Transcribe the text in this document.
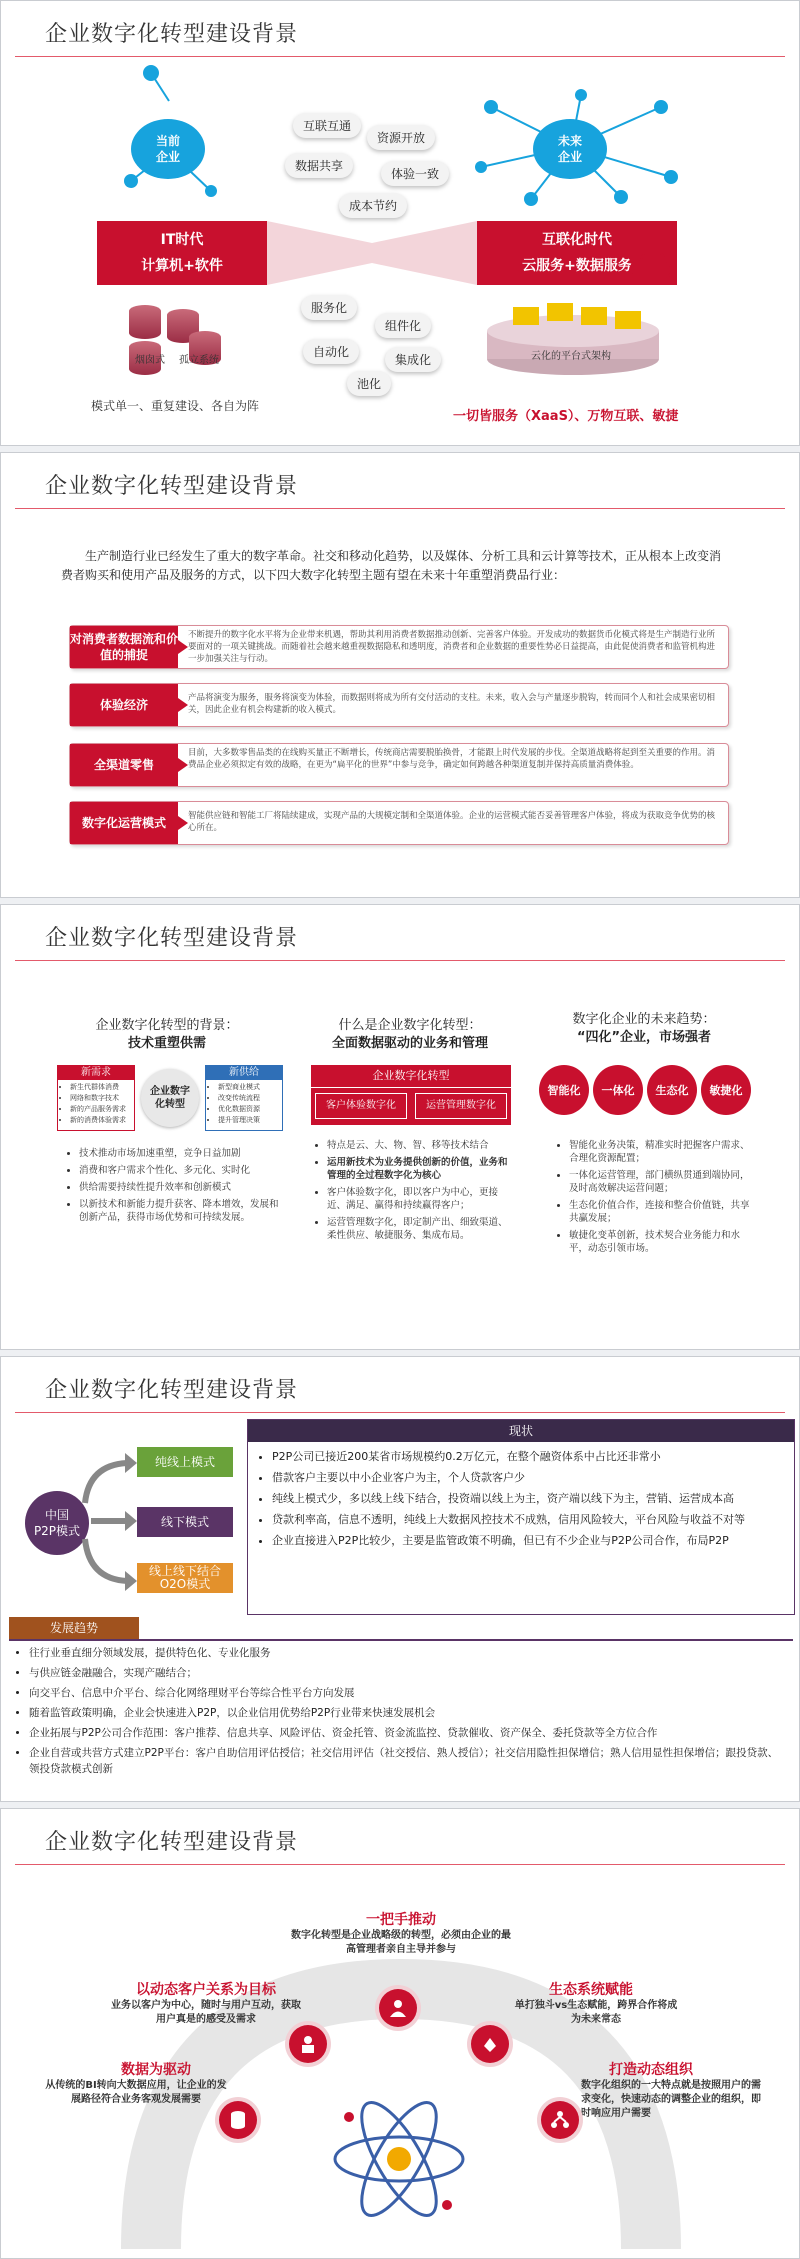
企业数字化转型建设背景
当前
企业
未来
企业
互联互通
资源开放
数据共享
体验一致
成本节约
IT时代
计算机+软件
互联化时代
云服务+数据服务
烟囱式 孤立系统
服务化
组件化
自动化
集成化
池化
云化的平台式架构
模式单一、重复建设、各自为阵
一切皆服务（XaaS）、万物互联、敏捷
企业数字化转型建设背景
生产制造行业已经发生了重大的数字革命。社交和移动化趋势，以及媒体、分析工具和云计算等技术，正从根本上改变消费者购买和使用产品及服务的方式，以下四大数字化转型主题有望在未来十年重塑消费品行业：
对消费者数据流和价值的捕捉
不断提升的数字化水平将为企业带来机遇，帮助其利用消费者数据推动创新、完善客户体验。开发成功的数据货币化模式将是生产制造行业所要面对的一项关键挑战。而随着社会越来越重视数据隐私和透明度，消费者和企业数据的重要性势必日益提高，由此促使消费者和监管机构进一步加强关注与行动。
体验经济	产品将演变为服务，服务将演变为体验，而数据则将成为所有交付活动的支柱。未来，收入会与产量逐步脱钩，转而同个人和社会成果密切相关，因此企业有机会构建新的收入模式。
全渠道零售
目前，大多数零售品类的在线购买量正不断增长，传统商店需要脱胎换骨，才能跟上时代发展的步伐。全渠道战略将起到至关重要的作用。消费品企业必须拟定有效的战略，在更为“扁平化的世界”中参与竞争，确定如何跨越各种渠道复制并保持高质量消费体验。
数字化运营模式	智能供应链和智能工厂将陆续建成，实现产品的大规模定制和全渠道体验。企业的运营模式能否妥善管理客户体验，将成为获取竞争优势的核心所在。
企业数字化转型建设背景
企业数字化转型的背景：
技术重塑供需
新需求
• 新生代群体消费
• 网络和数字技术
• 新的产品服务需求
• 新的消费体验需求
企业数字化转型
新供给
• 新型商业模式
• 改变传统流程
• 优化数据资源
• 提升管理决策
• 技术推动市场加速重塑，竞争日益加剧
• 消费和客户需求个性化、多元化、实时化
• 供给需要持续性提升效率和创新模式
• 以新技术和新能力提升获客、降本增效，发展和创新产品，获得市场优势和可持续发展。
什么是企业数字化转型：
全面数据驱动的业务和管理
企业数字化转型
客户体验数字化	运营管理数字化
• 特点是云、大、物、智、移等技术结合
• 运用新技术为业务提供创新的价值，业务和管理的全过程数字化为核心
• 客户体验数字化，即以客户为中心，更接近、满足、赢得和持续赢得客户；
• 运营管理数字化，即定制产出、细致渠道、柔性供应、敏捷服务、集成布局。
数字化企业的未来趋势：
“四化”企业，市场强者
智能化	一体化	生态化	敏捷化
• 智能化业务决策，精准实时把握客户需求、合理化资源配置；
• 一体化运营管理，部门横纵贯通到端协同，及时高效解决运营问题；
• 生态化价值合作，连接和整合价值链，共享共赢发展；
• 敏捷化变革创新，技术契合业务能力和水平，动态引领市场。
企业数字化转型建设背景
中国
P2P模式
纯线上模式
线下模式
线上线下结合
O2O模式
现状
• P2P公司已接近200某省市场规模约0.2万亿元，在整个融资体系中占比还非常小
• 借款客户主要以中小企业客户为主，个人贷款客户少
• 纯线上模式少，多以线上线下结合，投资端以线上为主，资产端以线下为主，营销、运营成本高
• 贷款利率高，信息不透明，纯线上大数据风控技术不成熟，信用风险较大，平台风险与收益不对等
• 企业直接进入P2P比较少，主要是监管政策不明确，但已有不少企业与P2P公司合作，布局P2P
发展趋势
• 往行业垂直细分领域发展，提供特色化、专业化服务
• 与供应链金融融合，实现产融结合；
• 向交平台、信息中介平台、综合化网络理财平台等综合性平台方向发展
• 随着监管政策明确，企业会快速进入P2P，以企业信用优势给P2P行业带来快速发展机会
• 企业拓展与P2P公司合作范围：客户推荐、信息共享、风险评估、资金托管、资金流监控、贷款催收、资产保全、委托贷款等全方位合作
• 企业自营或共营方式建立P2P平台：客户自助信用评估授信；社交信用评估（社交授信、熟人授信）；社交信用隐性担保增信；熟人信用显性担保增信；跟投贷款、领投贷款模式创新
企业数字化转型建设背景
一把手推动
数字化转型是企业战略级的转型，必须由企业的最高管理者亲自主导并参与
以动态客户关系为目标
业务以客户为中心，随时与用户互动，获取用户真是的感受及需求
生态系统赋能
单打独斗vs生态赋能，跨界合作将成为未来常态
数据为驱动
从传统的BI转向大数据应用，让企业的发展路径符合业务客观发展需要
打造动态组织
数字化组织的一大特点就是按照用户的需求变化，快速动态的调整企业的组织，即时响应用户需要
